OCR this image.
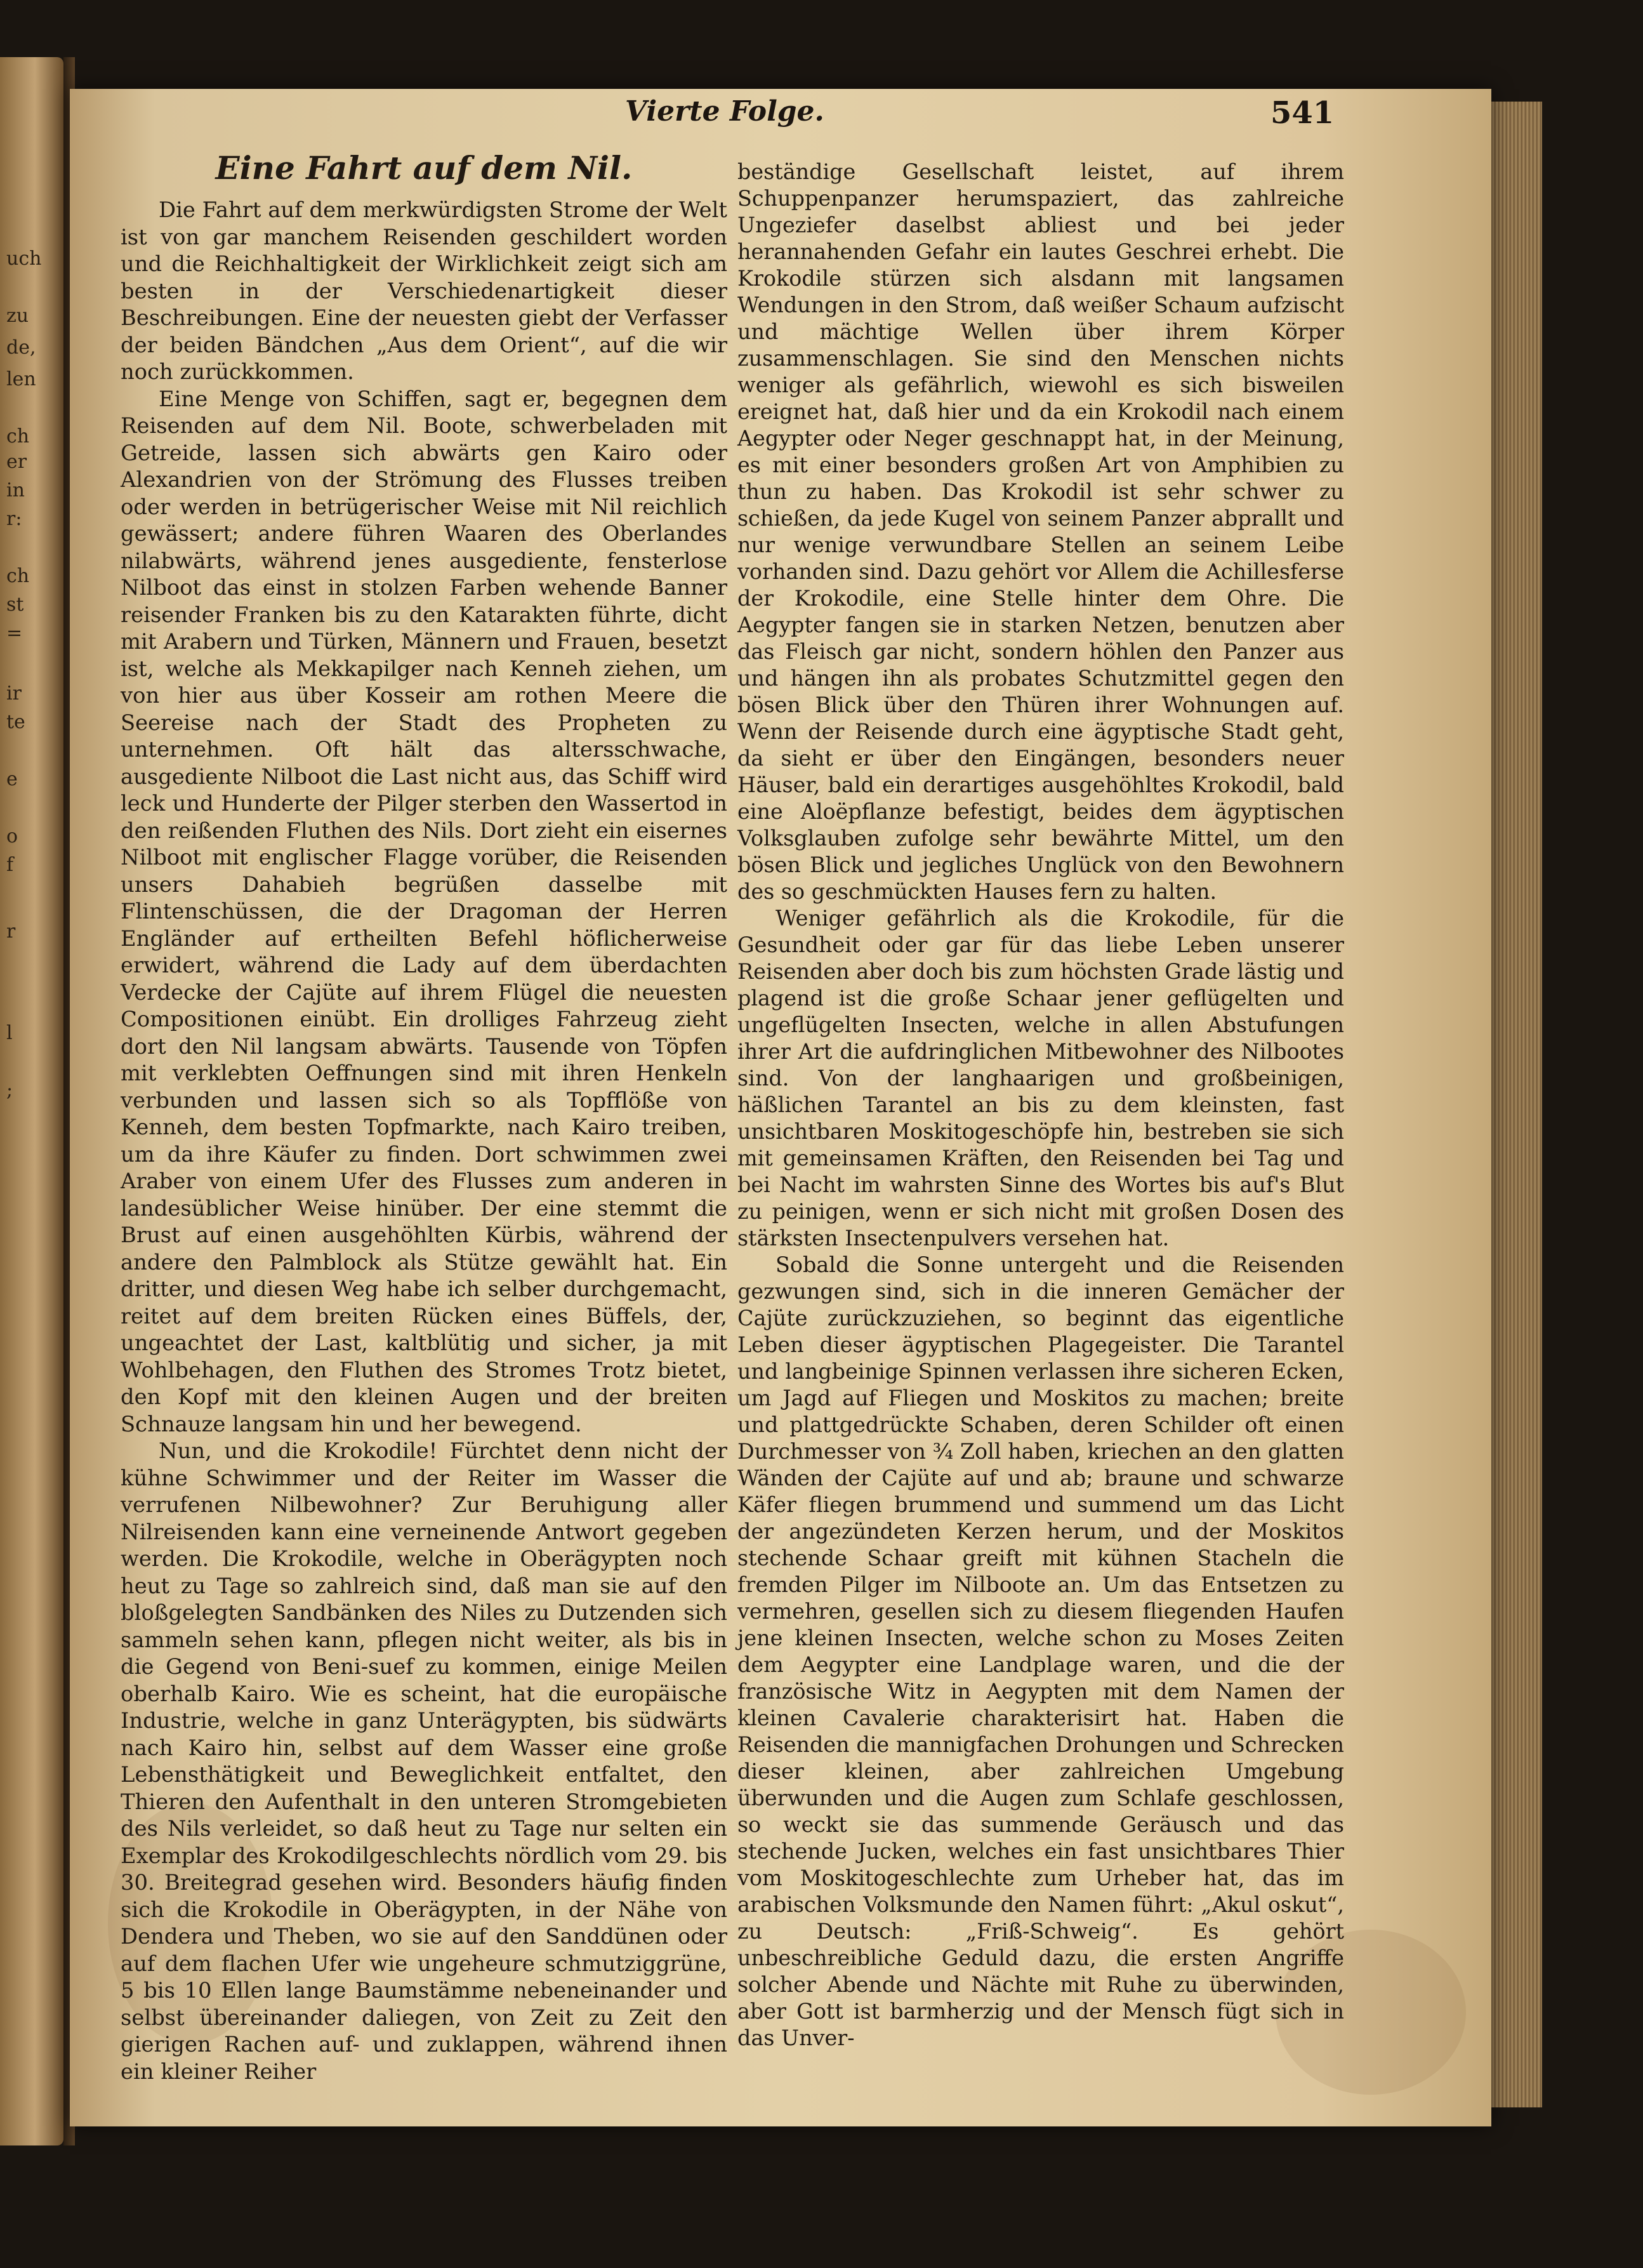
uch
zu
de,
len
ch
er
in
r:
ch
st
=
ir
te
e
o
f
r
l
;
Vierte Folge.	541
Eine Fahrt auf dem Nil.

Die Fahrt auf dem merkwürdigsten Strome der Welt ist von gar manchem Reisenden geschildert worden und die Reichhaltigkeit der Wirklichkeit zeigt sich am besten in der Verschiedenartigkeit dieser Beschreibungen. Eine der neuesten giebt der Verfasser der beiden Bändchen „Aus dem Orient“, auf die wir noch zurückkommen.

Eine Menge von Schiffen, sagt er, begegnen dem Reisenden auf dem Nil. Boote, schwerbeladen mit Getreide, lassen sich abwärts gen Kairo oder Alexandrien von der Strömung des Flusses treiben oder werden in betrügerischer Weise mit Nil reichlich gewässert; andere führen Waaren des Oberlandes nilabwärts, während jenes ausgediente, fensterlose Nilboot das einst in stolzen Farben wehende Banner reisender Franken bis zu den Katarakten führte, dicht mit Arabern und Türken, Männern und Frauen, besetzt ist, welche als Mekkapilger nach Kenneh ziehen, um von hier aus über Kosseir am rothen Meere die Seereise nach der Stadt des Propheten zu unternehmen. Oft hält das altersschwache, ausgediente Nilboot die Last nicht aus, das Schiff wird leck und Hunderte der Pilger sterben den Wassertod in den reißenden Fluthen des Nils. Dort zieht ein eisernes Nilboot mit englischer Flagge vorüber, die Reisenden unsers Dahabieh begrüßen dasselbe mit Flintenschüssen, die der Dragoman der Herren Engländer auf ertheilten Befehl höflicherweise erwidert, während die Lady auf dem überdachten Verdecke der Cajüte auf ihrem Flügel die neuesten Compositionen einübt. Ein drolliges Fahrzeug zieht dort den Nil langsam abwärts. Tausende von Töpfen mit verklebten Oeffnungen sind mit ihren Henkeln verbunden und lassen sich so als Topfflöße von Kenneh, dem besten Topfmarkte, nach Kairo treiben, um da ihre Käufer zu finden. Dort schwimmen zwei Araber von einem Ufer des Flusses zum anderen in landesüblicher Weise hinüber. Der eine stemmt die Brust auf einen ausgehöhlten Kürbis, während der andere den Palmblock als Stütze gewählt hat. Ein dritter, und diesen Weg habe ich selber durchgemacht, reitet auf dem breiten Rücken eines Büffels, der, ungeachtet der Last, kaltblütig und sicher, ja mit Wohlbehagen, den Fluthen des Stromes Trotz bietet, den Kopf mit den kleinen Augen und der breiten Schnauze langsam hin und her bewegend.

Nun, und die Krokodile! Fürchtet denn nicht der kühne Schwimmer und der Reiter im Wasser die verrufenen Nilbewohner? Zur Beruhigung aller Nilreisenden kann eine verneinende Antwort gegeben werden. Die Krokodile, welche in Oberägypten noch heut zu Tage so zahlreich sind, daß man sie auf den bloßgelegten Sandbänken des Niles zu Dutzenden sich sammeln sehen kann, pflegen nicht weiter, als bis in die Gegend von Beni-suef zu kommen, einige Meilen oberhalb Kairo. Wie es scheint, hat die europäische Industrie, welche in ganz Unterägypten, bis südwärts nach Kairo hin, selbst auf dem Wasser eine große Lebensthätigkeit und Beweglichkeit entfaltet, den Thieren den Aufenthalt in den unteren Stromgebieten des Nils verleidet, so daß heut zu Tage nur selten ein Exemplar des Krokodilgeschlechts nördlich vom 29. bis 30. Breitegrad gesehen wird. Besonders häufig finden sich die Krokodile in Oberägypten, in der Nähe von Dendera und Theben, wo sie auf den Sanddünen oder auf dem flachen Ufer wie ungeheure schmutziggrüne, 5 bis 10 Ellen lange Baumstämme nebeneinander und selbst übereinander daliegen, von Zeit zu Zeit den gierigen Rachen auf- und zuklappen, während ihnen ein kleiner Reiher

beständige Gesellschaft leistet, auf ihrem Schuppenpanzer herumspaziert, das zahlreiche Ungeziefer daselbst abliest und bei jeder herannahenden Gefahr ein lautes Geschrei erhebt. Die Krokodile stürzen sich alsdann mit langsamen Wendungen in den Strom, daß weißer Schaum aufzischt und mächtige Wellen über ihrem Körper zusammenschlagen. Sie sind den Menschen nichts weniger als gefährlich, wiewohl es sich bisweilen ereignet hat, daß hier und da ein Krokodil nach einem Aegypter oder Neger geschnappt hat, in der Meinung, es mit einer besonders großen Art von Amphibien zu thun zu haben. Das Krokodil ist sehr schwer zu schießen, da jede Kugel von seinem Panzer abprallt und nur wenige verwundbare Stellen an seinem Leibe vorhanden sind. Dazu gehört vor Allem die Achillesferse der Krokodile, eine Stelle hinter dem Ohre. Die Aegypter fangen sie in starken Netzen, benutzen aber das Fleisch gar nicht, sondern höhlen den Panzer aus und hängen ihn als probates Schutzmittel gegen den bösen Blick über den Thüren ihrer Wohnungen auf. Wenn der Reisende durch eine ägyptische Stadt geht, da sieht er über den Eingängen, besonders neuer Häuser, bald ein derartiges ausgehöhltes Krokodil, bald eine Aloëpflanze befestigt, beides dem ägyptischen Volksglauben zufolge sehr bewährte Mittel, um den bösen Blick und jegliches Unglück von den Bewohnern des so geschmückten Hauses fern zu halten.

Weniger gefährlich als die Krokodile, für die Gesundheit oder gar für das liebe Leben unserer Reisenden aber doch bis zum höchsten Grade lästig und plagend ist die große Schaar jener geflügelten und ungeflügelten Insecten, welche in allen Abstufungen ihrer Art die aufdringlichen Mitbewohner des Nilbootes sind. Von der langhaarigen und großbeinigen, häßlichen Tarantel an bis zu dem kleinsten, fast unsichtbaren Moskitogeschöpfe hin, bestreben sie sich mit gemeinsamen Kräften, den Reisenden bei Tag und bei Nacht im wahrsten Sinne des Wortes bis auf's Blut zu peinigen, wenn er sich nicht mit großen Dosen des stärksten Insectenpulvers versehen hat.

Sobald die Sonne untergeht und die Reisenden gezwungen sind, sich in die inneren Gemächer der Cajüte zurückzuziehen, so beginnt das eigentliche Leben dieser ägyptischen Plagegeister. Die Tarantel und langbeinige Spinnen verlassen ihre sicheren Ecken, um Jagd auf Fliegen und Moskitos zu machen; breite und plattgedrückte Schaben, deren Schilder oft einen Durchmesser von ¾ Zoll haben, kriechen an den glatten Wänden der Cajüte auf und ab; braune und schwarze Käfer fliegen brummend und summend um das Licht der angezündeten Kerzen herum, und der Moskitos stechende Schaar greift mit kühnen Stacheln die fremden Pilger im Nilboote an. Um das Entsetzen zu vermehren, gesellen sich zu diesem fliegenden Haufen jene kleinen Insecten, welche schon zu Moses Zeiten dem Aegypter eine Landplage waren, und die der französische Witz in Aegypten mit dem Namen der kleinen Cavalerie charakterisirt hat. Haben die Reisenden die mannigfachen Drohungen und Schrecken dieser kleinen, aber zahlreichen Umgebung überwunden und die Augen zum Schlafe geschlossen, so weckt sie das summende Geräusch und das stechende Jucken, welches ein fast unsichtbares Thier vom Moskitogeschlechte zum Urheber hat, das im arabischen Volksmunde den Namen führt: „Akul oskut“, zu Deutsch: „Friß-Schweig“. Es gehört unbeschreibliche Geduld dazu, die ersten Angriffe solcher Abende und Nächte mit Ruhe zu überwinden, aber Gott ist barmherzig und der Mensch fügt sich in das Unver-
